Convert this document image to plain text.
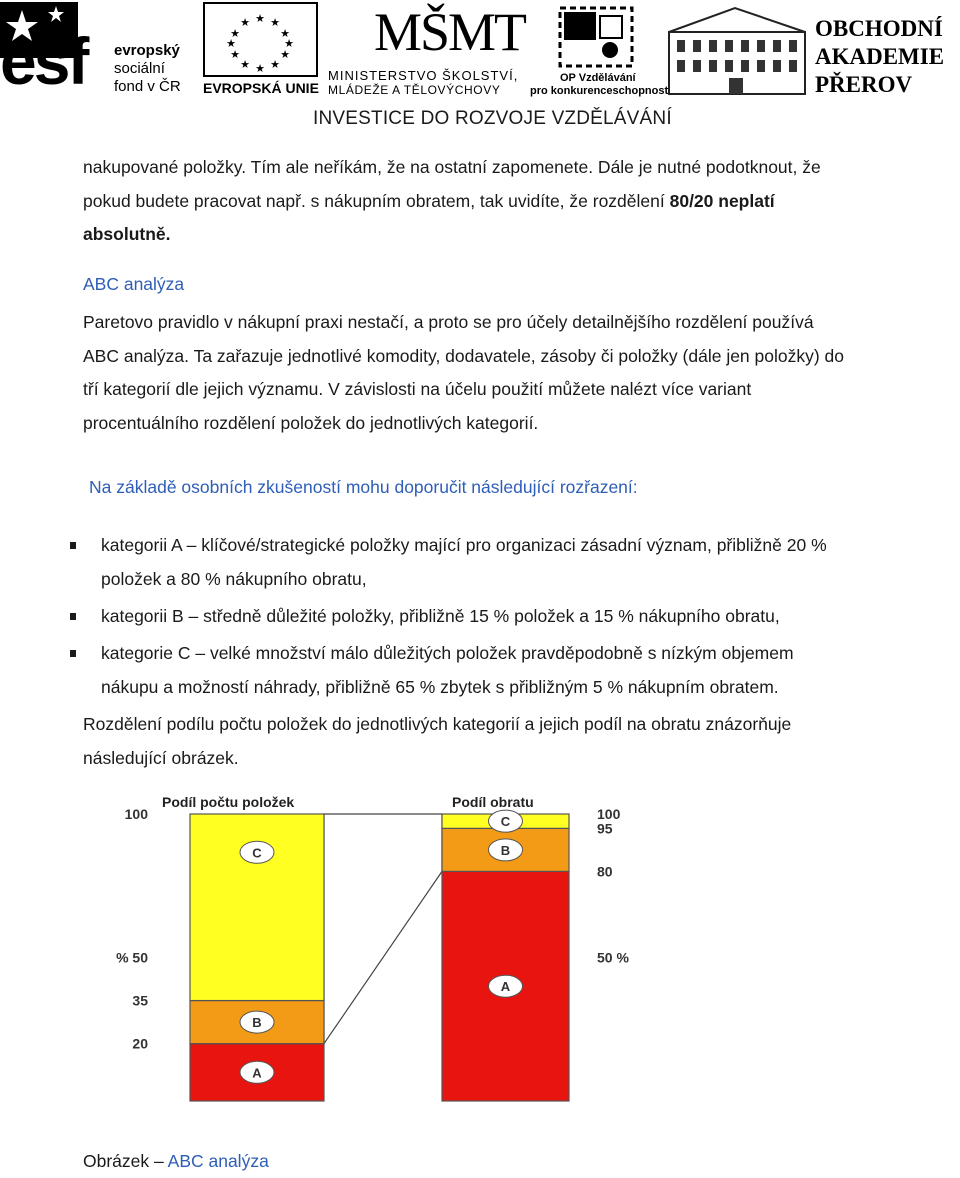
esf evropský
sociální
fond v ČR
★ ★
★
★
★
★
★
★
★
★
★
★
EVROPSKÁ UNIE
MŠMT
MINISTERSTVO ŠKOLSTVÍ,
MLÁDEŽE A TĚLOVÝCHOVY
OP Vzdělávání
pro konkurenceschopnost
OBCHODNÍ
AKADEMIE
PŘEROV
INVESTICE DO ROZVOJE VZDĚLÁVÁNÍ

nakupované položky. Tím ale neříkám, že na ostatní zapomenete. Dále je nutné podotknout, že
pokud budete pracovat např. s nákupním obratem, tak uvidíte, že rozdělení 80/20 neplatí
absolutně.

ABC analýza

Paretovo pravidlo v nákupní praxi nestačí, a proto se pro účely detailnějšího rozdělení používá
ABC analýza. Ta zařazuje jednotlivé komodity, dodavatele, zásoby či položky (dále jen položky) do
tří kategorií dle jejich významu. V závislosti na účelu použití můžete nalézt více variant
procentuálního rozdělení položek do jednotlivých kategorií.

Na základě osobních zkušeností mohu doporučit následující rozřazení:

kategorii A – klíčové/strategické položky mající pro organizaci zásadní význam, přibližně 20 %
položek a 80 % nákupního obratu,
kategorii B – středně důležité položky, přibližně 15 % položek a 15 % nákupního obratu,
kategorie C – velké množství málo důležitých položek pravděpodobně s nízkým objemem
nákupu a možností náhrady, přibližně 65 % zbytek s přibližným 5 % nákupním obratem.

Rozdělení podílu počtu položek do jednotlivých kategorií a jejich podíl na obratu znázorňuje
následující obrázek.

A
B
C
A
B
C
Podíl počtu položek	Podíl obratu
100
% 50
35
20
100
95
80
50 %
Obrázek – ABC analýza
